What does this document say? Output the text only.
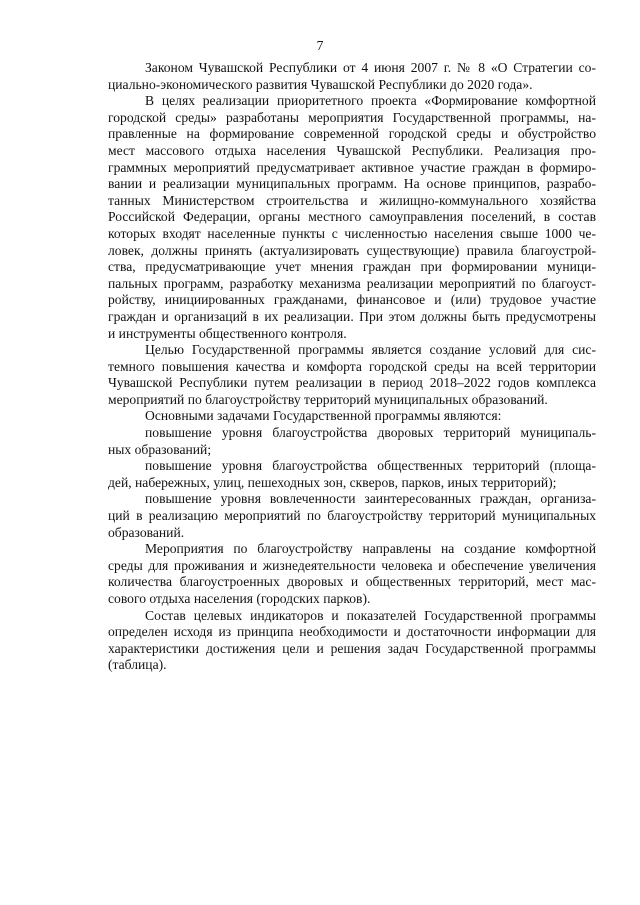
7
Законом Чувашской Республики от 4 июня 2007 г. № 8 «О Стратегии со-
циально-экономического развития Чувашской Республики до 2020 года».
В целях реализации приоритетного проекта «Формирование комфортной
городской среды» разработаны мероприятия Государственной программы, на-
правленные на формирование современной городской среды и обустройство
мест массового отдыха населения Чувашской Республики. Реализация про-
граммных мероприятий предусматривает активное участие граждан в формиро-
вании и реализации муниципальных программ. На основе принципов, разрабо-
танных Министерством строительства и жилищно-коммунального хозяйства
Российской Федерации, органы местного самоуправления поселений, в состав
которых входят населенные пункты с численностью населения свыше 1000 че-
ловек, должны принять (актуализировать существующие) правила благоустрой-
ства, предусматривающие учет мнения граждан при формировании муници-
пальных программ, разработку механизма реализации мероприятий по благоуст-
ройству, инициированных гражданами, финансовое и (или) трудовое участие
граждан и организаций в их реализации. При этом должны быть предусмотрены
и инструменты общественного контроля.
Целью Государственной программы является создание условий для сис-
темного повышения качества и комфорта городской среды на всей территории
Чувашской Республики путем реализации в период 2018–2022 годов комплекса
мероприятий по благоустройству территорий муниципальных образований.
Основными задачами Государственной программы являются:
повышение уровня благоустройства дворовых территорий муниципаль-
ных образований;
повышение уровня благоустройства общественных территорий (площа-
дей, набережных, улиц, пешеходных зон, скверов, парков, иных территорий);
повышение уровня вовлеченности заинтересованных граждан, организа-
ций в реализацию мероприятий по благоустройству территорий муниципальных
образований.
Мероприятия по благоустройству направлены на создание комфортной
среды для проживания и жизнедеятельности человека и обеспечение увеличения
количества благоустроенных дворовых и общественных территорий, мест мас-
сового отдыха населения (городских парков).
Состав целевых индикаторов и показателей Государственной программы
определен исходя из принципа необходимости и достаточности информации для
характеристики достижения цели и решения задач Государственной программы
(таблица).
